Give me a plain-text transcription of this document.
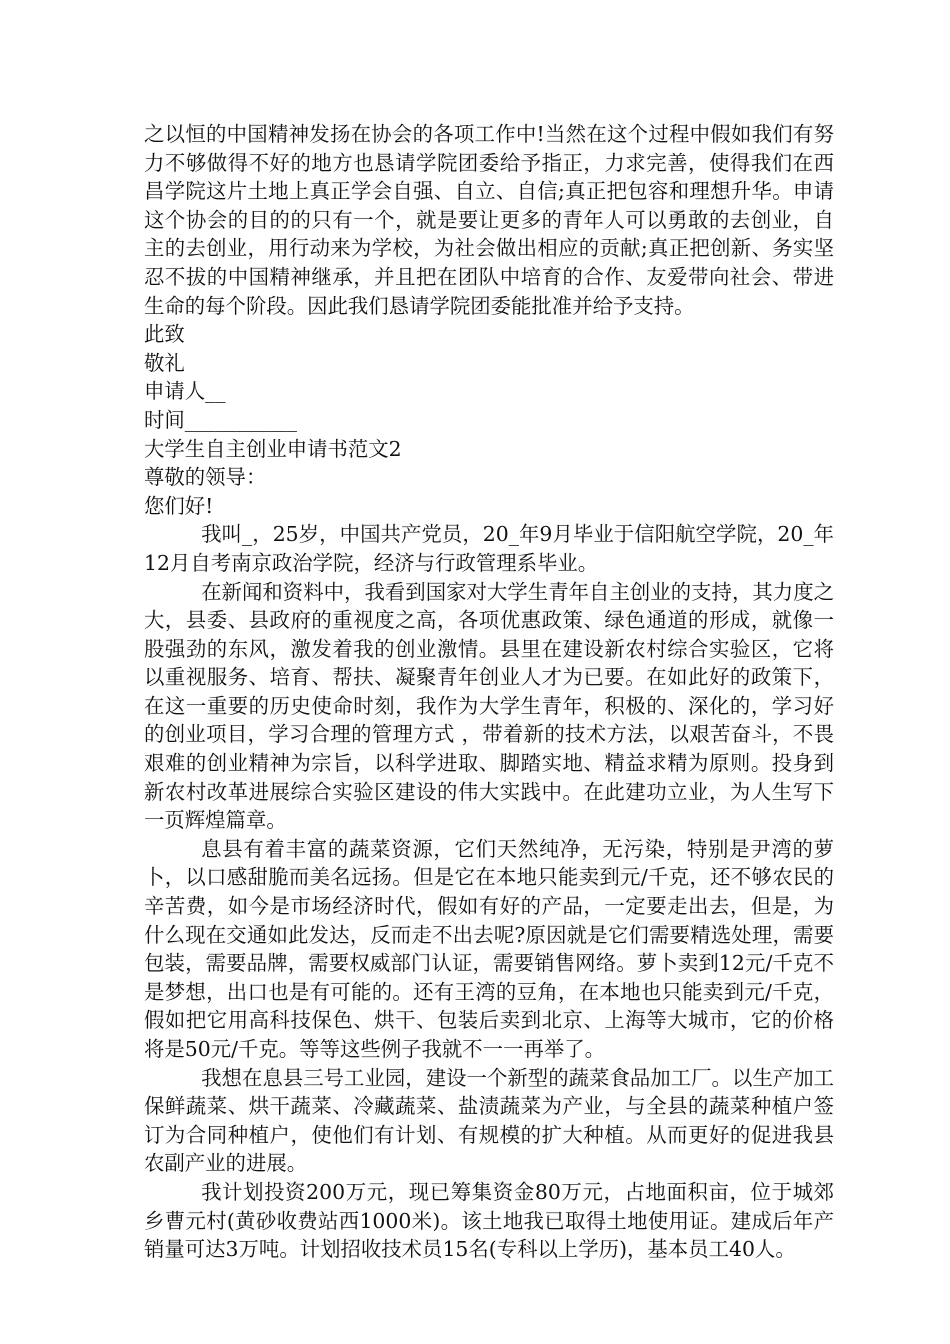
之以恒的中国精神发扬在协会的各项工作中!当然在这个过程中假如我们有努力不够做得不好的地方也恳请学院团委给予指正，力求完善，使得我们在西昌学院这片土地上真正学会自强、自立、自信;真正把包容和理想升华。申请这个协会的目的的只有一个，就是要让更多的青年人可以勇敢的去创业，自主的去创业，用行动来为学校，为社会做出相应的贡献;真正把创新、务实坚忍不拔的中国精神继承，并且把在团队中培育的合作、友爱带向社会、带进生命的每个阶段。因此我们恳请学院团委能批准并给予支持。

此致

敬礼

申请人__

时间___________

大学生自主创业申请书范文2

尊敬的领导：

您们好!

我叫_，25岁，中国共产党员，20_年9月毕业于信阳航空学院，20_年12月自考南京政治学院，经济与行政管理系毕业。

在新闻和资料中，我看到国家对大学生青年自主创业的支持，其力度之大，县委、县政府的重视度之高，各项优惠政策、绿色通道的形成，就像一股强劲的东风，激发着我的创业激情。县里在建设新农村综合实验区，它将以重视服务、培育、帮扶、凝聚青年创业人才为已要。在如此好的政策下，在这一重要的历史使命时刻，我作为大学生青年，积极的、深化的，学习好的创业项目，学习合理的管理方式 ，带着新的技术方法，以艰苦奋斗，不畏艰难的创业精神为宗旨，以科学进取、脚踏实地、精益求精为原则。投身到新农村改革进展综合实验区建设的伟大实践中。在此建功立业，为人生写下一页辉煌篇章。

息县有着丰富的蔬菜资源，它们天然纯净，无污染，特别是尹湾的萝卜，以口感甜脆而美名远扬。但是它在本地只能卖到元/千克，还不够农民的辛苦费，如今是市场经济时代，假如有好的产品，一定要走出去，但是，为什么现在交通如此发达，反而走不出去呢?原因就是它们需要精选处理，需要包装，需要品牌，需要权威部门认证，需要销售网络。萝卜卖到12元/千克不是梦想，出口也是有可能的。还有王湾的豆角，在本地也只能卖到元/千克，假如把它用高科技保色、烘干、包装后卖到北京、上海等大城市，它的价格将是50元/千克。等等这些例子我就不一一再举了。

我想在息县三号工业园，建设一个新型的蔬菜食品加工厂。以生产加工保鲜蔬菜、烘干蔬菜、冷藏蔬菜、盐渍蔬菜为产业，与全县的蔬菜种植户签订为合同种植户，使他们有计划、有规模的扩大种植。从而更好的促进我县农副产业的进展。

我计划投资200万元，现已筹集资金80万元，占地面积亩，位于城郊乡曹元村(黄砂收费站西1000米)。该土地我已取得土地使用证。建成后年产销量可达3万吨。计划招收技术员15名(专科以上学历)，基本员工40人。
